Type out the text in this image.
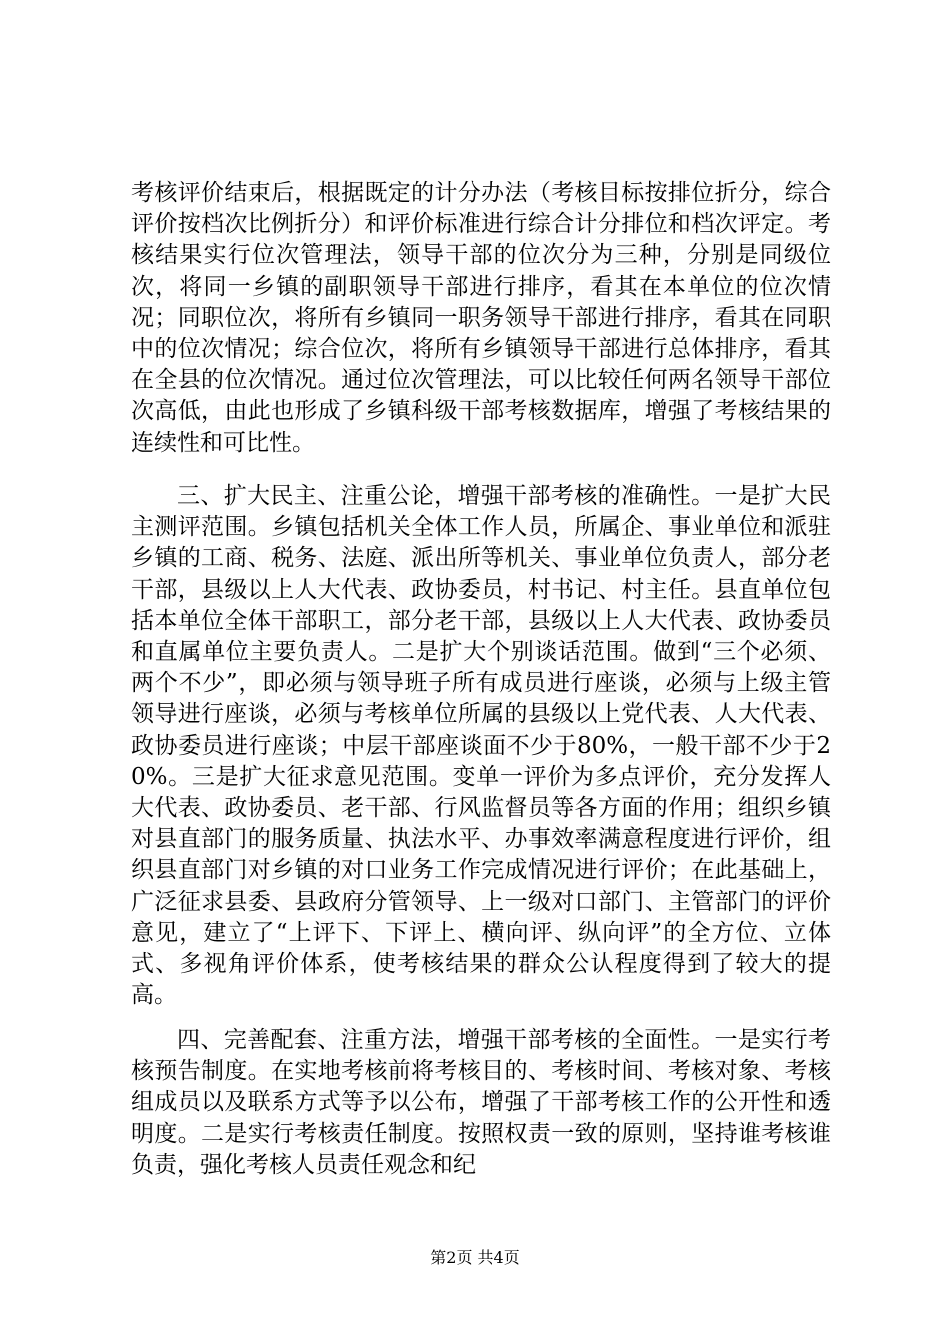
考核评价结束后，根据既定的计分办法（考核目标按排位折分，综合评价按档次比例折分）和评价标准进行综合计分排位和档次评定。考核结果实行位次管理法，领导干部的位次分为三种，分别是同级位次，将同一乡镇的副职领导干部进行排序，看其在本单位的位次情况；同职位次，将所有乡镇同一职务领导干部进行排序，看其在同职中的位次情况；综合位次，将所有乡镇领导干部进行总体排序，看其在全县的位次情况。通过位次管理法，可以比较任何两名领导干部位次高低，由此也形成了乡镇科级干部考核数据库，增强了考核结果的连续性和可比性。

三、扩大民主、注重公论，增强干部考核的准确性。一是扩大民主测评范围。乡镇包括机关全体工作人员，所属企、事业单位和派驻乡镇的工商、税务、法庭、派出所等机关、事业单位负责人，部分老干部，县级以上人大代表、政协委员，村书记、村主任。县直单位包括本单位全体干部职工，部分老干部，县级以上人大代表、政协委员和直属单位主要负责人。二是扩大个别谈话范围。做到“三个必须、两个不少”，即必须与领导班子所有成员进行座谈，必须与上级主管领导进行座谈，必须与考核单位所属的县级以上党代表、人大代表、政协委员进行座谈；中层干部座谈面不少于80%，一般干部不少于20%。三是扩大征求意见范围。变单一评价为多点评价，充分发挥人大代表、政协委员、老干部、行风监督员等各方面的作用；组织乡镇对县直部门的服务质量、执法水平、办事效率满意程度进行评价，组织县直部门对乡镇的对口业务工作完成情况进行评价；在此基础上，广泛征求县委、县政府分管领导、上一级对口部门、主管部门的评价意见，建立了“上评下、下评上、横向评、纵向评”的全方位、立体式、多视角评价体系，使考核结果的群众公认程度得到了较大的提高。

四、完善配套、注重方法，增强干部考核的全面性。一是实行考核预告制度。在实地考核前将考核目的、考核时间、考核对象、考核组成员以及联系方式等予以公布，增强了干部考核工作的公开性和透明度。二是实行考核责任制度。按照权责一致的原则，坚持谁考核谁负责，强化考核人员责任观念和纪

第2页 共4页
